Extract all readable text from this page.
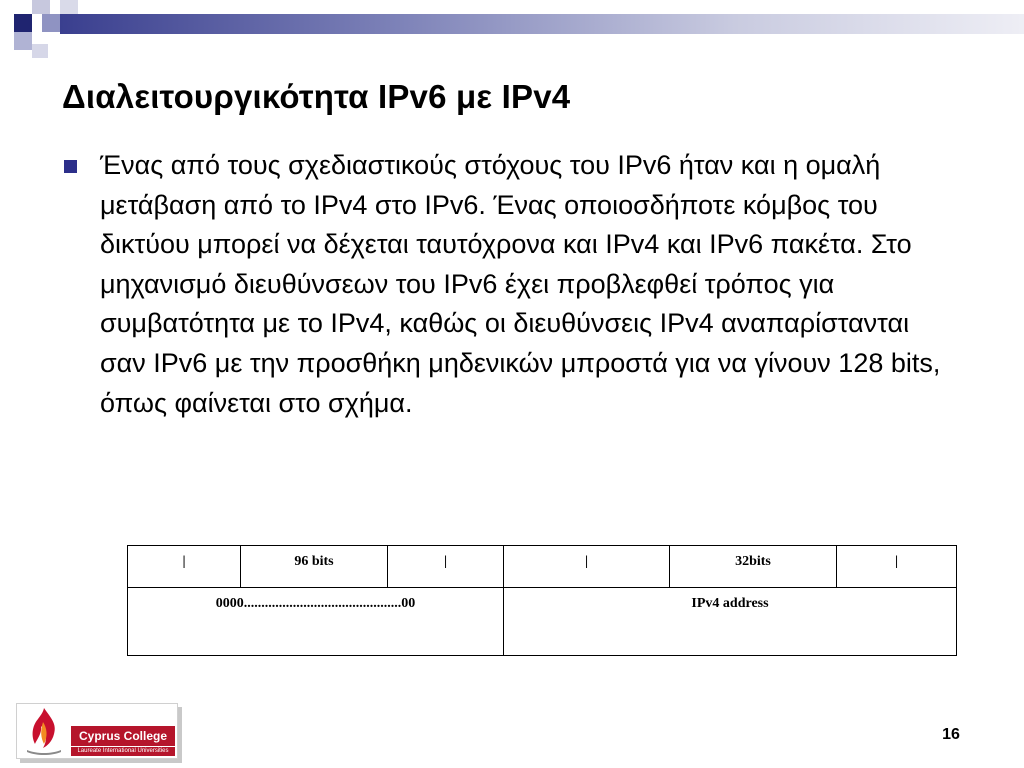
Διαλειτουργικότητα IPv6 με IPv4

Ένας από τους σχεδιαστικούς στόχους του IPv6 ήταν και η ομαλή μετάβαση από το IPv4 στο IPv6. Ένας οποιοσδήποτε κόμβος του δικτύου μπορεί να δέχεται ταυτόχρονα και IPv4 και IPv6 πακέτα. Στο μηχανισμό διευθύνσεων του IPv6 έχει προβλεφθεί τρόπος για συμβατότητα με το IPv4, καθώς οι διευθύνσεις IPv4 αναπαρίστανται σαν IPv6 με την προσθήκη μηδενικών μπροστά για να γίνουν 128 bits, όπως φαίνεται στο σχήμα.

|	96 bits	|	|	32bits	|
0000.............................................00			IPv4 address		
Cyprus College
Laureate International Universities
16
